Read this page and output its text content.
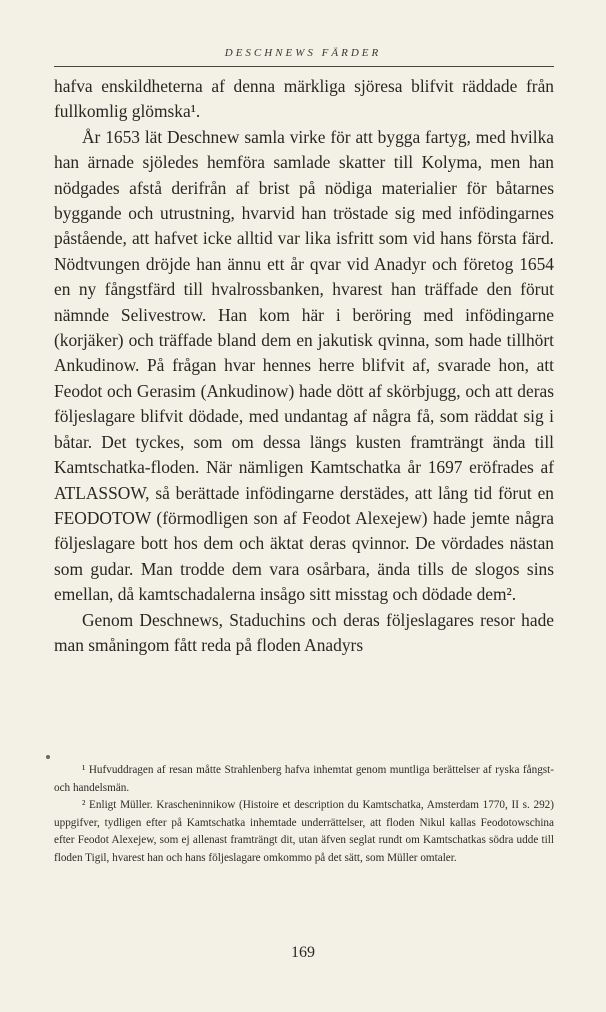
DESCHNEWS FÄRDER

hafva enskildheterna af denna märkliga sjöresa blifvit räddade från fullkomlig glömska¹.

År 1653 lät Deschnew samla virke för att bygga fartyg, med hvilka han ärnade sjöledes hemföra samlade skatter till Kolyma, men han nödgades afstå derifrån af brist på nödiga materialier för båtarnes byggande och utrustning, hvarvid han tröstade sig med infödingarnes påstående, att hafvet icke alltid var lika isfritt som vid hans första färd. Nödtvungen dröjde han ännu ett år qvar vid Anadyr och företog 1654 en ny fångstfärd till hvalrossbanken, hvarest han träffade den förut nämnde Selivestrow. Han kom här i beröring med infödingarne (korjäker) och träffade bland dem en jakutisk qvinna, som hade tillhört Ankudinow. På frågan hvar hennes herre blifvit af, svarade hon, att Feodot och Gerasim (Ankudinow) hade dött af skörbjugg, och att deras följeslagare blifvit dödade, med undantag af några få, som räddat sig i båtar. Det tyckes, som om dessa längs kusten framträngt ända till Kamtschatka-floden. När nämligen Kamtschatka år 1697 eröfrades af ATLASSOW, så berättade infödingarne derstädes, att lång tid förut en FEODOTOW (förmodligen son af Feodot Alexejew) hade jemte några följeslagare bott hos dem och äktat deras qvinnor. De vördades nästan som gudar. Man trodde dem vara osårbara, ända tills de slogos sins emellan, då kamtschadalerna insågo sitt misstag och dödade dem².

Genom Deschnews, Staduchins och deras följeslagares resor hade man småningom fått reda på floden Anadyrs

¹ Hufvuddragen af resan måtte Strahlenberg hafva inhemtat genom muntliga berättelser af ryska fångst- och handelsmän.

² Enligt Müller. Krascheninnikow (Histoire et description du Kamtschatka, Amsterdam 1770, II s. 292) uppgifver, tydligen efter på Kamtschatka inhemtade underrättelser, att floden Nikul kallas Feodotowschina efter Feodot Alexejew, som ej allenast framträngt dit, utan äfven seglat rundt om Kamtschatkas södra udde till floden Tigil, hvarest han och hans följeslagare omkommo på det sätt, som Müller omtaler.

169
